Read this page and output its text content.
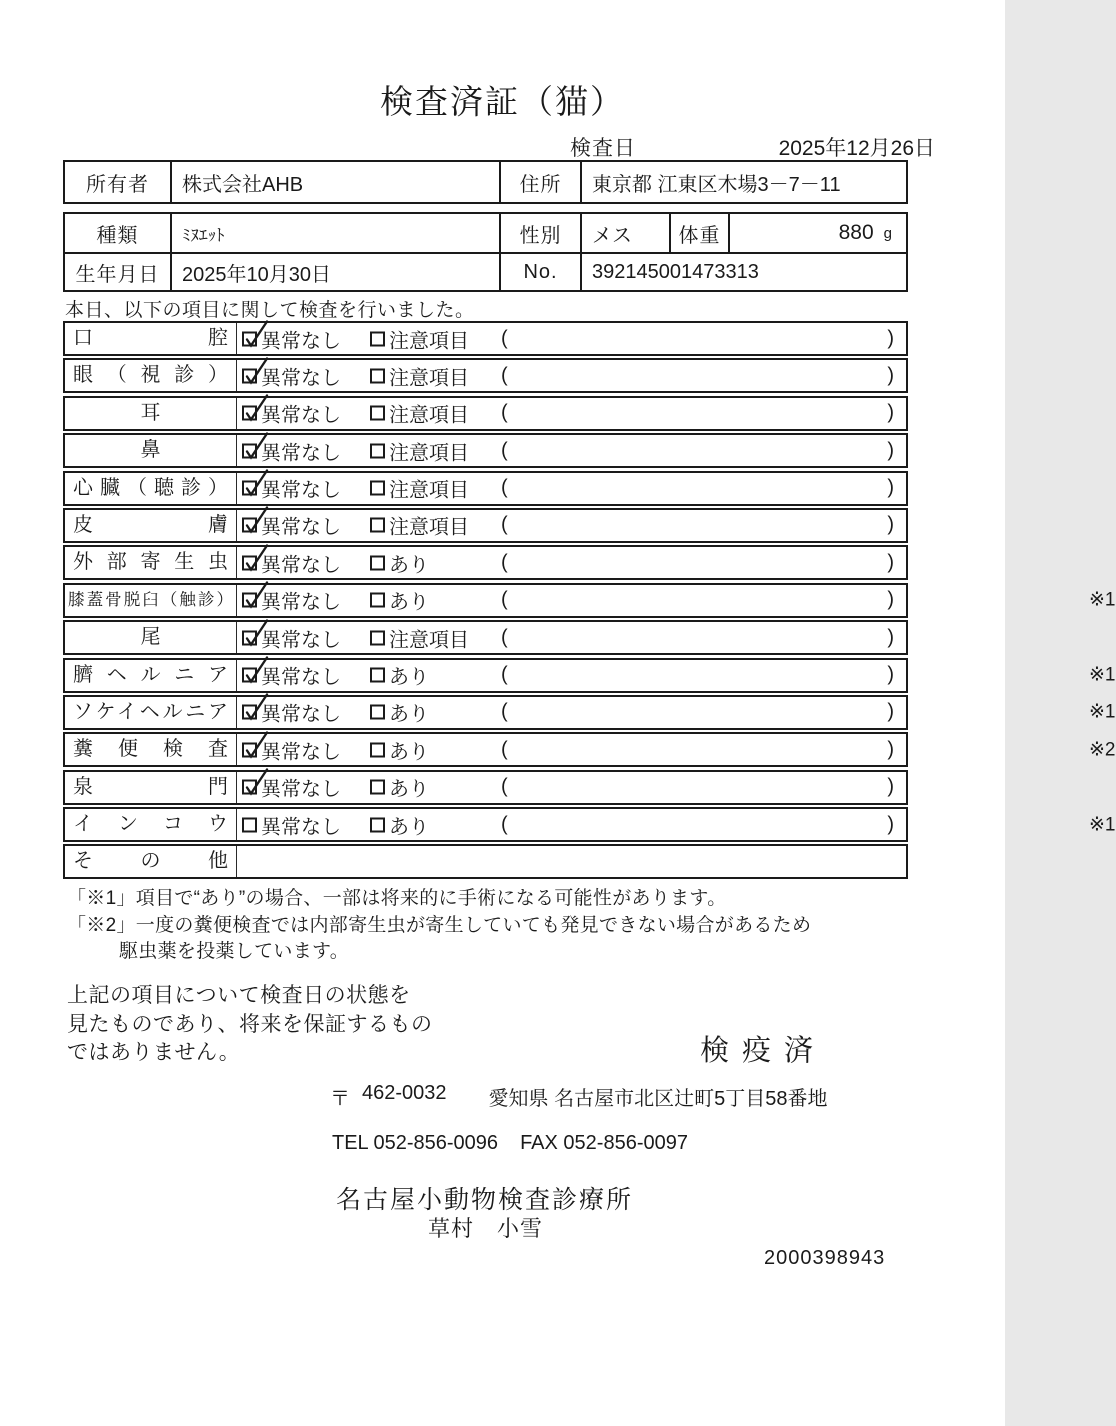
検査済証（猫）
検査日	2025年12月26日
所有者	株式会社AHB	住所	東京都 江東区木場3－7－11
種類	ﾐﾇｴｯﾄ	性別	メス	体重	880 g
生年月日	2025年10月30日	No.	392145001473313
本日、以下の項目に関して検査を行いました。
口腔	異常なし 注意項目 (	)
眼（視診）	異常なし 注意項目 (	)
耳	異常なし 注意項目 (	)
鼻	異常なし 注意項目 (	)
心臓（聴診）	異常なし 注意項目 (	)
皮膚	異常なし 注意項目 (	)
外部寄生虫	異常なし あり	(	)
膝蓋骨脱臼（触診） 異常なし あり	(	)	※1
尾	異常なし 注意項目 (	)
臍ヘルニア	異常なし あり	(	)	※1
ソケイヘルニア	異常なし あり	(	)	※1
糞便検査	異常なし あり	(	)	※2
泉門	異常なし あり	(	)
インコウ	異常なし あり	(	)	※1
その他
「※1」項目で“あり”の場合、一部は将来的に手術になる可能性があります。
「※2」一度の糞便検査では内部寄生虫が寄生していても発見できない場合があるため
駆虫薬を投薬しています。
上記の項目について検査日の状態を
見たものであり、将来を保証するもの
ではありません。	検疫済
〒 462-0032 愛知県 名古屋市北区辻町5丁目58番地
TEL 052-856-0096 FAX 052-856-0097
名古屋小動物検査診療所
草村　小雪
2000398943
